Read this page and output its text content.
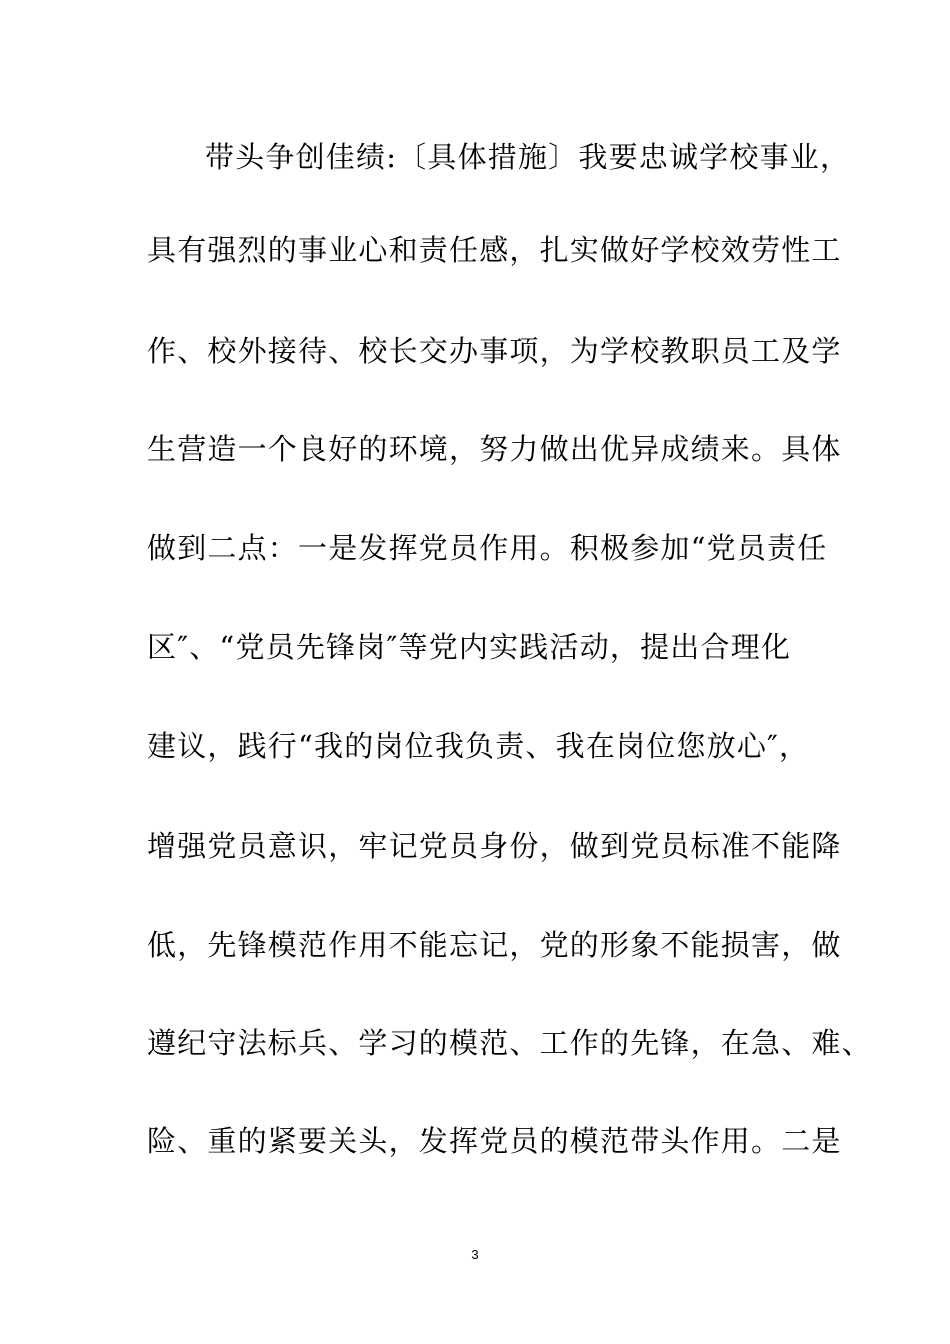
带头争创佳绩:〔具体措施〕我要忠诚学校事业，
具有强烈的事业心和责任感，扎实做好学校效劳性工
作、校外接待、校长交办事项，为学校教职员工及学
生营造一个良好的环境，努力做出优异成绩来。具体
做到二点：一是发挥党员作用。积极参加“党员责任
区″、“党员先锋岗″等党内实践活动，提出合理化
建议，践行“我的岗位我负责、我在岗位您放心″，
增强党员意识，牢记党员身份，做到党员标准不能降
低，先锋模范作用不能忘记，党的形象不能损害，做
遵纪守法标兵、学习的模范、工作的先锋，在急、难、
险、重的紧要关头，发挥党员的模范带头作用。二是
3
